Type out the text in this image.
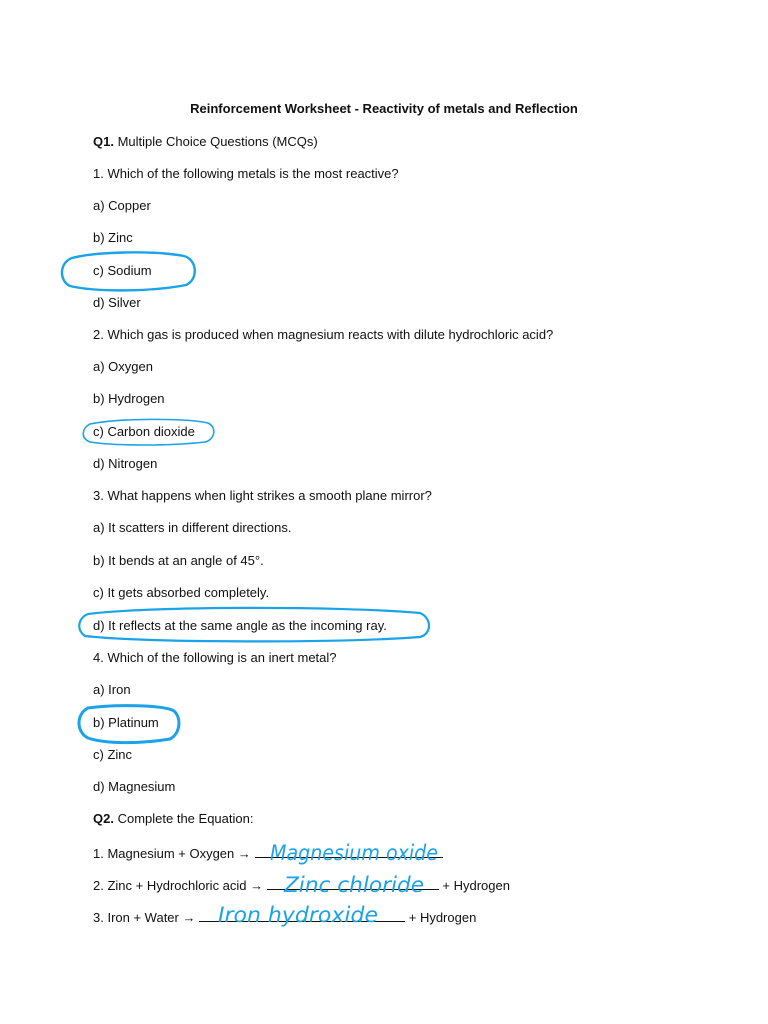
Reinforcement Worksheet - Reactivity of metals and Reflection
Q1. Multiple Choice Questions (MCQs)
1. Which of the following metals is the most reactive?
a) Copper
b) Zinc
c) Sodium
d) Silver
2. Which gas is produced when magnesium reacts with dilute hydrochloric acid?
a) Oxygen
b) Hydrogen
c) Carbon dioxide
d) Nitrogen
3. What happens when light strikes a smooth plane mirror?
a) It scatters in different directions.
b) It bends at an angle of 45°.
c) It gets absorbed completely.
d) It reflects at the same angle as the incoming ray.
4. Which of the following is an inert metal?
a) Iron
b) Platinum
c) Zinc
d) Magnesium
Q2. Complete the Equation:
1. Magnesium + Oxygen →
2. Zinc + Hydrochloric acid →	+ Hydrogen
3. Iron + Water →	+ Hydrogen
Magnesium oxide
Zinc chloride
Iron hydroxide
